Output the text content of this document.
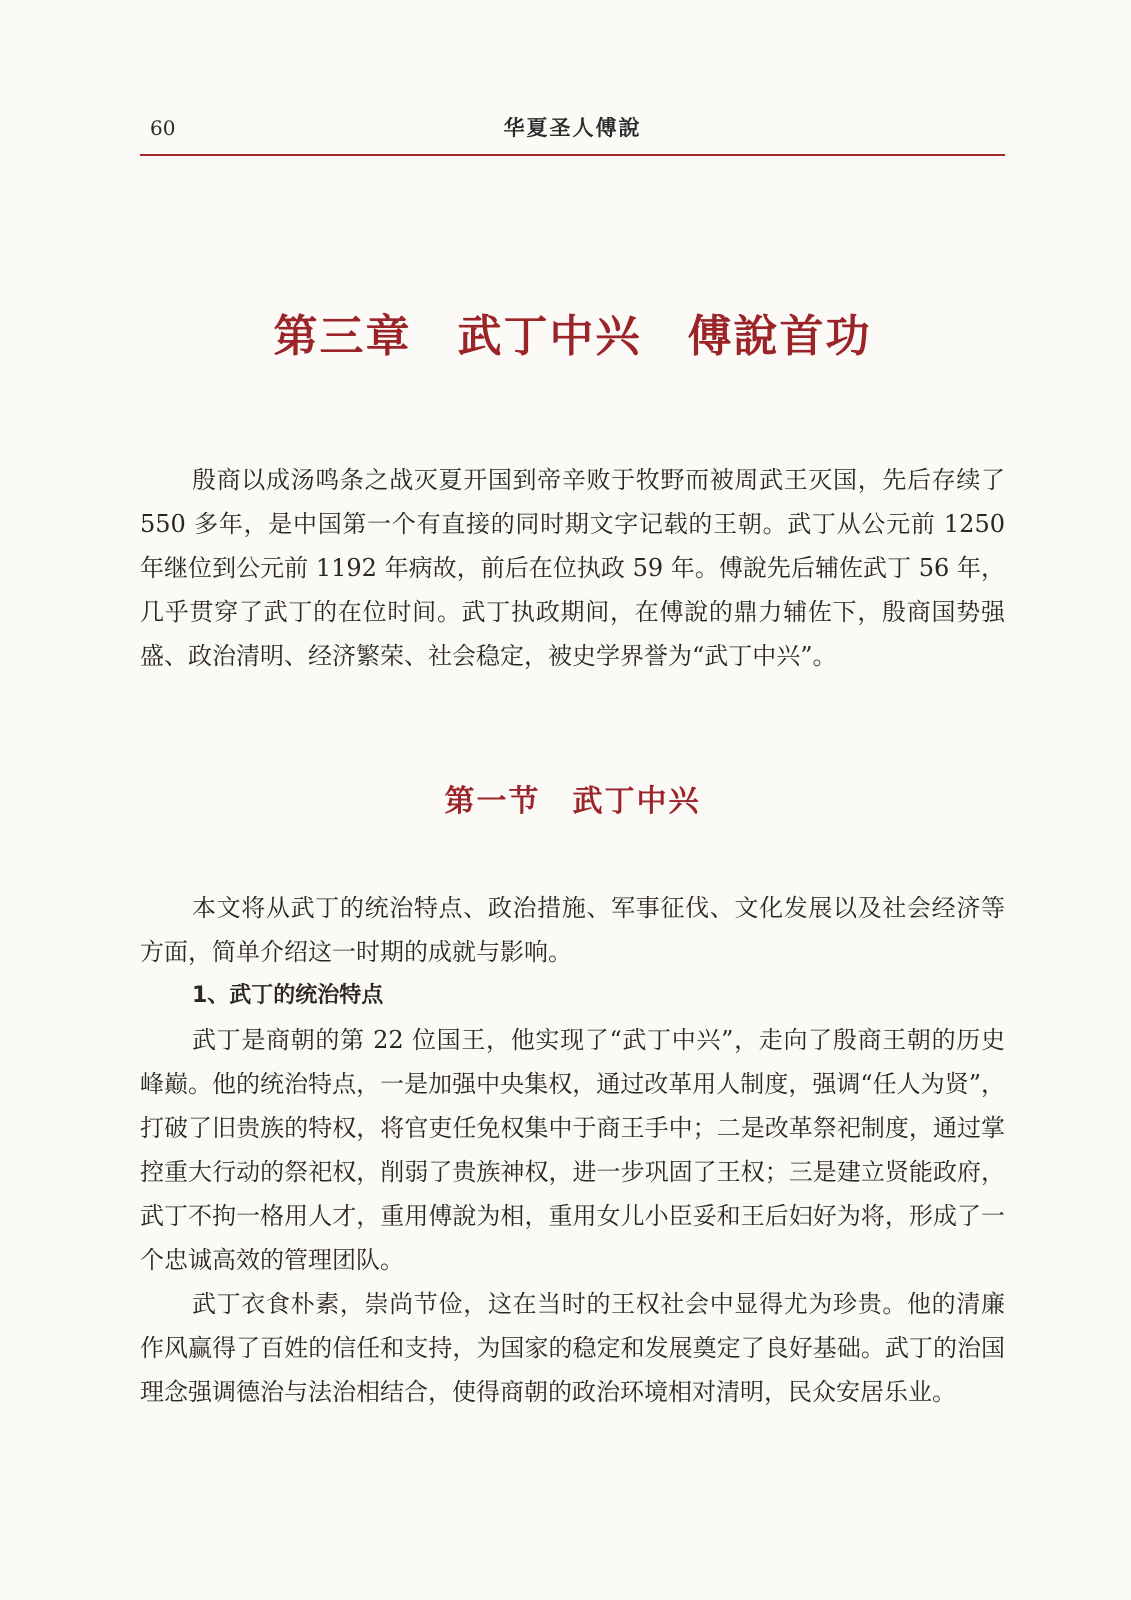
60	华夏圣人傅說
第三章　武丁中兴　傅說首功

殷商以成汤鸣条之战灭夏开国到帝辛败于牧野而被周武王灭国，先后存续了 550 多年，是中国第一个有直接的同时期文字记载的王朝。武丁从公元前 1250 年继位到公元前 1192 年病故，前后在位执政 59 年。傅說先后辅佐武丁 56 年，几乎贯穿了武丁的在位时间。武丁执政期间，在傅說的鼎力辅佐下，殷商国势强盛、政治清明、经济繁荣、社会稳定，被史学界誉为“武丁中兴”。

第一节　武丁中兴

本文将从武丁的统治特点、政治措施、军事征伐、文化发展以及社会经济等方面，简单介绍这一时期的成就与影响。

1、武丁的统治特点

武丁是商朝的第 22 位国王，他实现了“武丁中兴”，走向了殷商王朝的历史峰巅。他的统治特点，一是加强中央集权，通过改革用人制度，强调“任人为贤”，打破了旧贵族的特权，将官吏任免权集中于商王手中；二是改革祭祀制度，通过掌控重大行动的祭祀权，削弱了贵族神权，进一步巩固了王权；三是建立贤能政府，武丁不拘一格用人才，重用傅說为相，重用女儿小臣妥和王后妇好为将，形成了一个忠诚高效的管理团队。

武丁衣食朴素，崇尚节俭，这在当时的王权社会中显得尤为珍贵。他的清廉作风赢得了百姓的信任和支持，为国家的稳定和发展奠定了良好基础。武丁的治国理念强调德治与法治相结合，使得商朝的政治环境相对清明，民众安居乐业。
